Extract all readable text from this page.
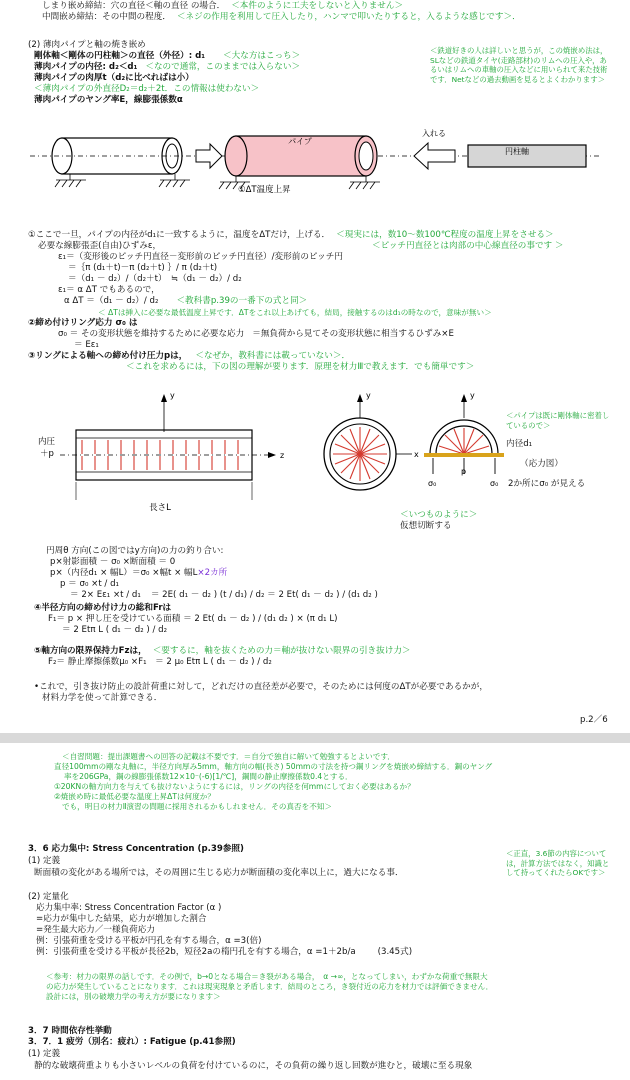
しまり嵌め締結：穴の直径＜軸の直径 の場合． ＜本件のように工夫をしないと入りません＞
中間嵌め締結：その中間の程度． ＜ネジの作用を利用して圧入したり，ハンマで叩いたりすると，入るような感じです＞．
(2) 薄肉パイプと軸の焼き嵌め
剛体軸＜剛体の円柱軸＞の直径（外径）: d₁ ＜大な方はこっち＞
薄肉パイプの内径: d₂＜d₁ ＜なので通常，このままでは入らない＞
薄肉パイプの肉厚t（d₂に比べればは小）
＜薄肉パイプの外直径D₂＝d₂＋2t．この情報は使わない＞
薄肉パイプのヤング率E，線膨張係数α
＜鉄道好きの人は詳しいと思うが，この焼嵌め法は，SLなどの鉄道タイヤ(走路部材)のリムへの圧入や，あるいはリムへの車軸の圧入などに用いられて来た技術です．Netなどの過去動画を見るとよくわかります＞
パイプ
入れる
円柱軸
①ΔT温度上昇
①ここで一旦，パイプの内径がd₁に一致するように，温度をΔTだけ，上げる． ＜現実には，数10～数100℃程度の温度上昇をさせる＞
必要な線膨張歪(自由)ひずみε，	＜ピッチ円直径とは肉部の中心線直径の事です ＞
ε₁＝（変形後のピッチ円直径－変形前のピッチ円直径）/変形前のピッチ円
＝｛π (d₁＋t)－π (d₂＋t) ｝/ π (d₂＋t)
＝（d₁ － d₂）/（d₂＋t）　≒（d₁ － d₂）/ d₂
ε₁＝ α ΔT でもあるので，
α ΔT ＝（d₁ － d₂）/ d₂ ＜教科書p.39の一番下の式と同＞
＜ ΔTは挿入に必要な最低温度上昇です．ΔTをこれ以上あげても，結局，接触するのはd₁の時なので，意味が無い＞
②締め付けリング応力 σ₀ は
σ₀ ＝ その変形状態を維持するために必要な応力 ＝無負荷から見てその変形状態に相当するひずみ×E
＝ Eε₁
③リングによる軸への締め付け圧力pは， ＜なぜか，教科書には載っていない＞．
＜これを求めるには，下の図の理解が要ります．原理を材力Ⅲで教えます．でも簡単です＞
y
z
内圧
＋p
長さL
y
x
y
σ₀	σ₀
p
＜パイプは既に剛体軸に密着しているので＞
内径d₁
（応力図）
2か所にσ₀ が見える
＜いつものように＞
仮想切断する
円周θ 方向(この図ではy方向)の力の釣り合い:
p×射影面積 － σ₀ ×断面積 ＝ 0
p×（内径d₁ × 幅L）＝σ₀ ×幅t × 幅L×2カ所
p ＝ σ₀ ×t / d₁
＝ 2× Eε₁ ×t / d₁ ＝ 2E( d₁ － d₂ ) (t / d₁) / d₂ ＝ 2 Et( d₁ － d₂ ) / (d₁ d₂ )
④半径方向の締め付け力の総和Frは
F₁＝ p × 押し圧を受けている面積 ＝ 2 Et( d₁ － d₂ ) / (d₁ d₂ ) × (π d₁ L)
＝ 2 Etπ L ( d₁ － d₂ ) / d₂
⑤軸方向の限界保持力Fzは， ＜要するに，軸を抜くための力＝軸が抜けない限界の引き抜け力＞
F₂＝ 静止摩擦係数μ₀ ×F₁　＝ 2 μ₀ Etπ L ( d₁ － d₂ ) / d₂
•これで，引き抜け防止の設計荷重に対して，どれだけの直径差が必要で，そのためには何度のΔTが必要であるかが，
材料力学を使って計算できる．
p.2／6
＜自習問題：提出課題書への回答の記載は不要です．＝自分で独自に解いて勉強するとよいです．
直径100mmの剛な丸軸に，半径方向厚み5mm，軸方向の幅(長さ) 50mmの寸法を持つ鋼リングを焼嵌め締結する．鋼のヤング
率を206GPa，鋼の線膨張係数12×10⁻(-6)[1/℃]，鋼間の静止摩擦係数0.4とする．
①20KNの軸方向力を与えても抜けないようにするには，リングの内径を何mmにしておく必要はあるか？
②焼嵌め時に最低必要な温度上昇ΔTは何度か？
でも，明日の材力Ⅱ演習の問題に採用されるかもしれません．その真否を不知＞
3．6 応力集中: Stress Concentration (p.39参照)
(1) 定義
断面積の変化がある場所では，その周囲に生じる応力が断面積の変化率以上に，過大になる事．
＜正直，3.6節の内容については，計算方法ではなく，知識として持ってくれたらOKです＞
(2) 定量化
応力集中率: Stress Concentration Factor (α )
=応力が集中した結果，応力が増加した割合
=発生最大応力／一様負荷応力
例：引張荷重を受ける平板が円孔を有する場合，α =3(倍)
例：引張荷重を受ける平板が長径2b，短径2aの楕円孔を有する場合，α =1＋2b/a	(3.45式)
＜参考：材力の限界の話しです．その例で，b→0となる場合＝き裂がある場合，　α →∞，となってしまい，わずかな荷重で無限大
の応力が発生していることになります．これは現実現象と矛盾します．結局のところ，き裂付近の応力を材力では評価できません．
設計には，別の破壊力学の考え方が要になります＞
3．7 時間依存性挙動
3．7．1 疲労（別名：疲れ）: Fatigue (p.41参照)
(1) 定義
静的な破壊荷重よりも小さいレベルの負荷を付けているのに，その負荷の繰り返し回数が進むと，破壊に至る現象
